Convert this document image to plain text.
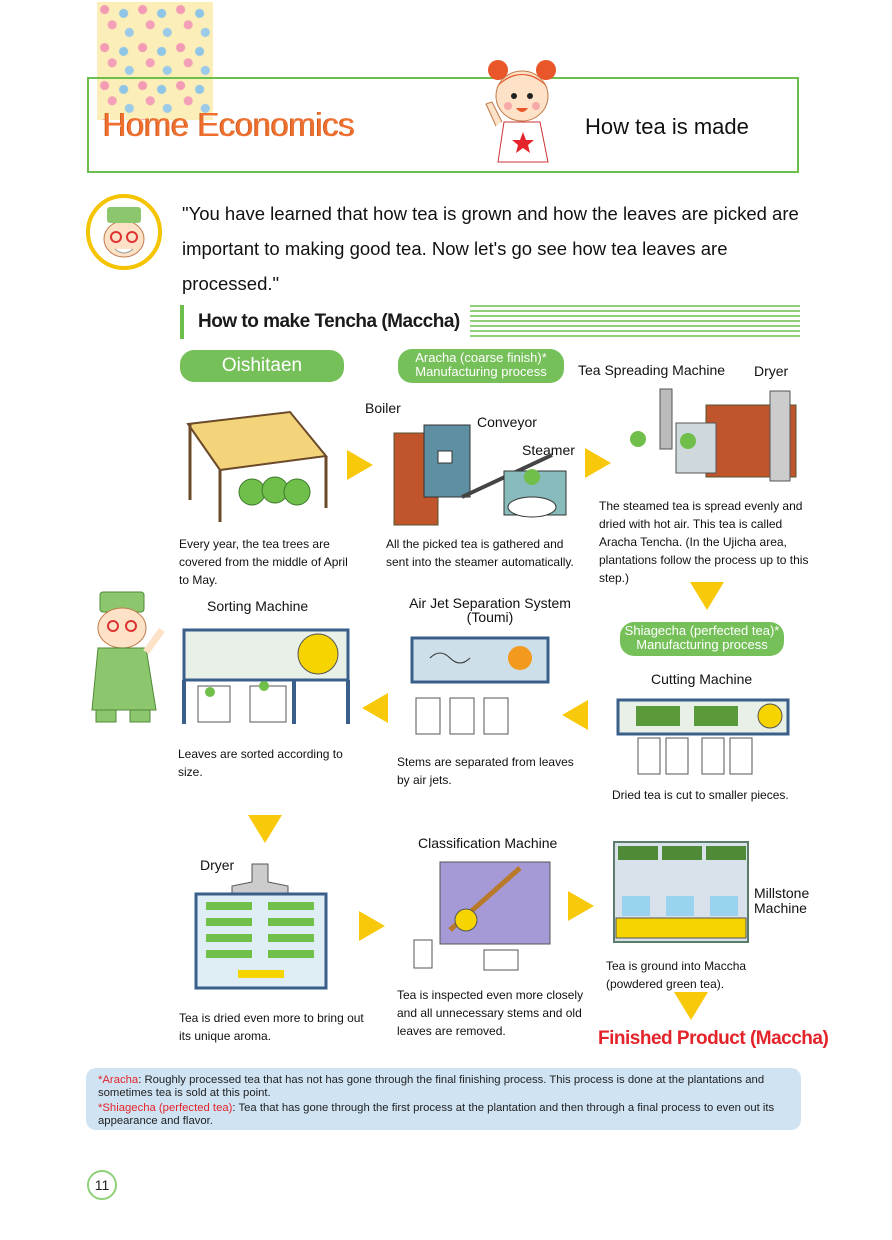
Home Economics	How tea is made
"You have learned that how tea is grown and how the leaves are picked are important to making good tea. Now let's go see how tea leaves are processed."
How to make Tencha (Maccha)
Oishitaen	Aracha (coarse finish)* Manufacturing process
Boiler
Conveyor
Steamer
Tea Spreading Machine Dryer
Every year, the tea trees are covered from the middle of April to May.
All the picked tea is gathered and sent into the steamer automatically.
The steamed tea is spread evenly and dried with hot air. This tea is called Aracha Tencha. (In the Ujicha area, plantations follow the process up to this step.)
Sorting Machine	Air Jet Separation System (Toumi)
Shiagecha (perfected tea)* Manufacturing process
Cutting Machine
Leaves are sorted according to size.
Stems are separated from leaves by air jets.
Dried tea is cut to smaller pieces.
Dryer
Classification Machine
Millstone Machine
Tea is dried even more to bring out its unique aroma.
Tea is inspected even more closely and all unnecessary stems and old leaves are removed.
Tea is ground into Maccha (powdered green tea).
Finished Product (Maccha)
*Aracha: Roughly processed tea that has not has gone through the final finishing process. This process is done at the plantations and sometimes tea is sold at this point.
*Shiagecha (perfected tea): Tea that has gone through the first process at the plantation and then through a final process to even out its appearance and flavor.
11
